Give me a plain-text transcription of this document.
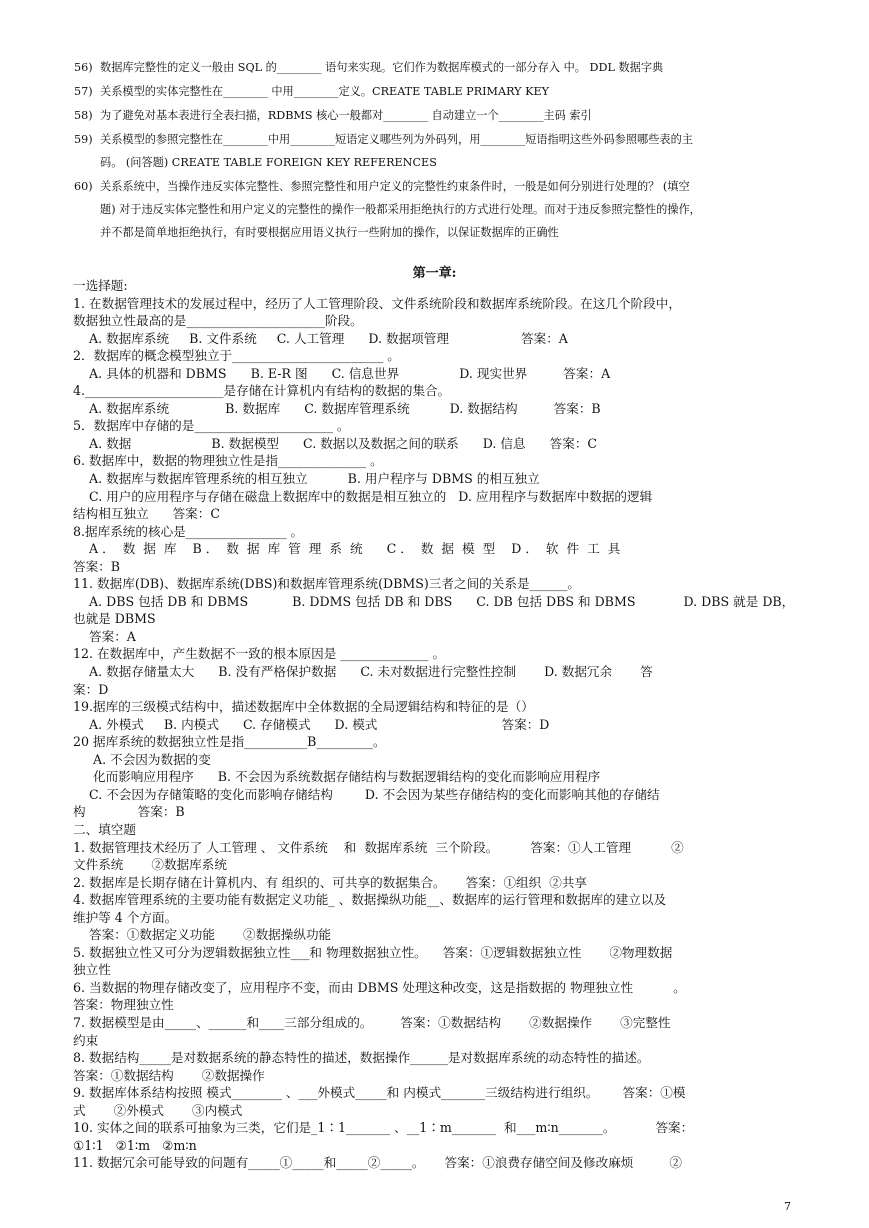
56) 数据库完整性的定义一般由 SQL 的________ 语句来实现。它们作为数据库模式的一部分存入 中。 DDL 数据字典
57) 关系模型的实体完整性在________ 中用________定义。CREATE TABLE PRIMARY KEY
58) 为了避免对基本表进行全表扫描，RDBMS 核心一般都对________ 自动建立一个________主码 索引
59) 关系模型的参照完整性在________中用________短语定义哪些列为外码列，用________短语指明这些外码参照哪些表的主
码。 (问答题) CREATE TABLE FOREIGN KEY REFERENCES
60) 关系系统中，当操作违反实体完整性、参照完整性和用户定义的完整性约束条件时，一般是如何分别进行处理的？ (填空
题) 对于违反实体完整性和用户定义的完整性的操作一般都采用拒绝执行的方式进行处理。而对于违反参照完整性的操作，
并不都是简单地拒绝执行，有时要根据应用语义执行一些附加的操作，以保证数据库的正确性
第一章:
一选择题:
1. 在数据管理技术的发展过程中，经历了人工管理阶段、文件系统阶段和数据库系统阶段。在这几个阶段中，
数据独立性最高的是______________________阶段。
A. 数据库系统     B. 文件系统     C. 人工管理      D. 数据项管理                  答案：A
2．数据库的概念模型独立于________________________ 。
A. 具体的机器和 DBMS      B. E-R 图      C. 信息世界               D. 现实世界         答案：A
4.______________________是存储在计算机内有结构的数据的集合。
A. 数据库系统              B. 数据库      C. 数据库管理系统          D. 数据结构         答案：B
5．数据库中存储的是______________________ 。
A. 数据                    B. 数据模型      C. 数据以及数据之间的联系      D. 信息      答案：C
6. 数据库中，数据的物理独立性是指______________ 。
A. 数据库与数据库管理系统的相互独立          B. 用户程序与 DBMS 的相互独立
C. 用户的应用程序与存储在磁盘上数据库中的数据是相互独立的   D. 应用程序与数据库中数据的逻辑
结构相互独立      答案：C
8.据库系统的核心是________________ 。
A ．  数  据  库    B ．  数  据  库  管  理  系  统      C ．  数  据  模  型    D ．  软  件  工  具
答案：B
11. 数据库(DB)、数据库系统(DBS)和数据库管理系统(DBMS)三者之间的关系是______。
A. DBS 包括 DB 和 DBMS           B. DDMS 包括 DB 和 DBS      C. DB 包括 DBS 和 DBMS            D. DBS 就是 DB，
也就是 DBMS
答案：A
12. 在数据库中，产生数据不一致的根本原因是 ______________ 。
A. 数据存储量太大      B. 没有严格保护数据      C. 未对数据进行完整性控制       D. 数据冗余       答
案：D
19.据库的三级模式结构中，描述数据库中全体数据的全局逻辑结构和特征的是（）
A. 外模式     B. 内模式      C. 存储模式      D. 模式                               答案：D
20 据库系统的数据独立性是指__________B_________。
A. 不会因为数据的变
化而影响应用程序      B. 不会因为系统数据存储结构与数据逻辑结构的变化而影响应用程序
C. 不会因为存储策略的变化而影响存储结构        D. 不会因为某些存储结构的变化而影响其他的存储结
构             答案：B
二、填空题
1. 数据管理技术经历了 人工管理 、 文件系统    和  数据库系统  三个阶段。        答案：①人工管理          ②
文件系统       ②数据库系统
2. 数据库是长期存储在计算机内、有 组织的、可共享的数据集合。     答案：①组织  ②共享
4. 数据库管理系统的主要功能有数据定义功能_ 、数据操纵功能__、数据库的运行管理和数据库的建立以及
维护等 4 个方面。
答案：①数据定义功能       ②数据操纵功能
5. 数据独立性又可分为逻辑数据独立性___和 物理数据独立性。    答案：①逻辑数据独立性       ②物理数据
独立性
6. 当数据的物理存储改变了，应用程序不变，而由 DBMS 处理这种改变，这是指数据的 物理独立性          。
答案：物理独立性
7. 数据模型是由_____、______和____三部分组成的。       答案：①数据结构       ②数据操作       ③完整性
约束
8. 数据结构_____是对数据系统的静态特性的描述，数据操作______是对数据库系统的动态特性的描述。
答案：①数据结构       ②数据操作
9. 数据库体系结构按照 模式________ 、___外模式_____和 内模式_______三级结构进行组织。      答案：①模
式       ②外模式       ③内模式
10. 实体之间的联系可抽象为三类，它们是_1∶1_______ 、__1∶m_______  和___m∶n_______。          答案：
①1∶1   ②1∶m   ②m∶n
11. 数据冗余可能导致的问题有_____①_____和_____②_____。     答案：①浪费存储空间及修改麻烦         ②
7
